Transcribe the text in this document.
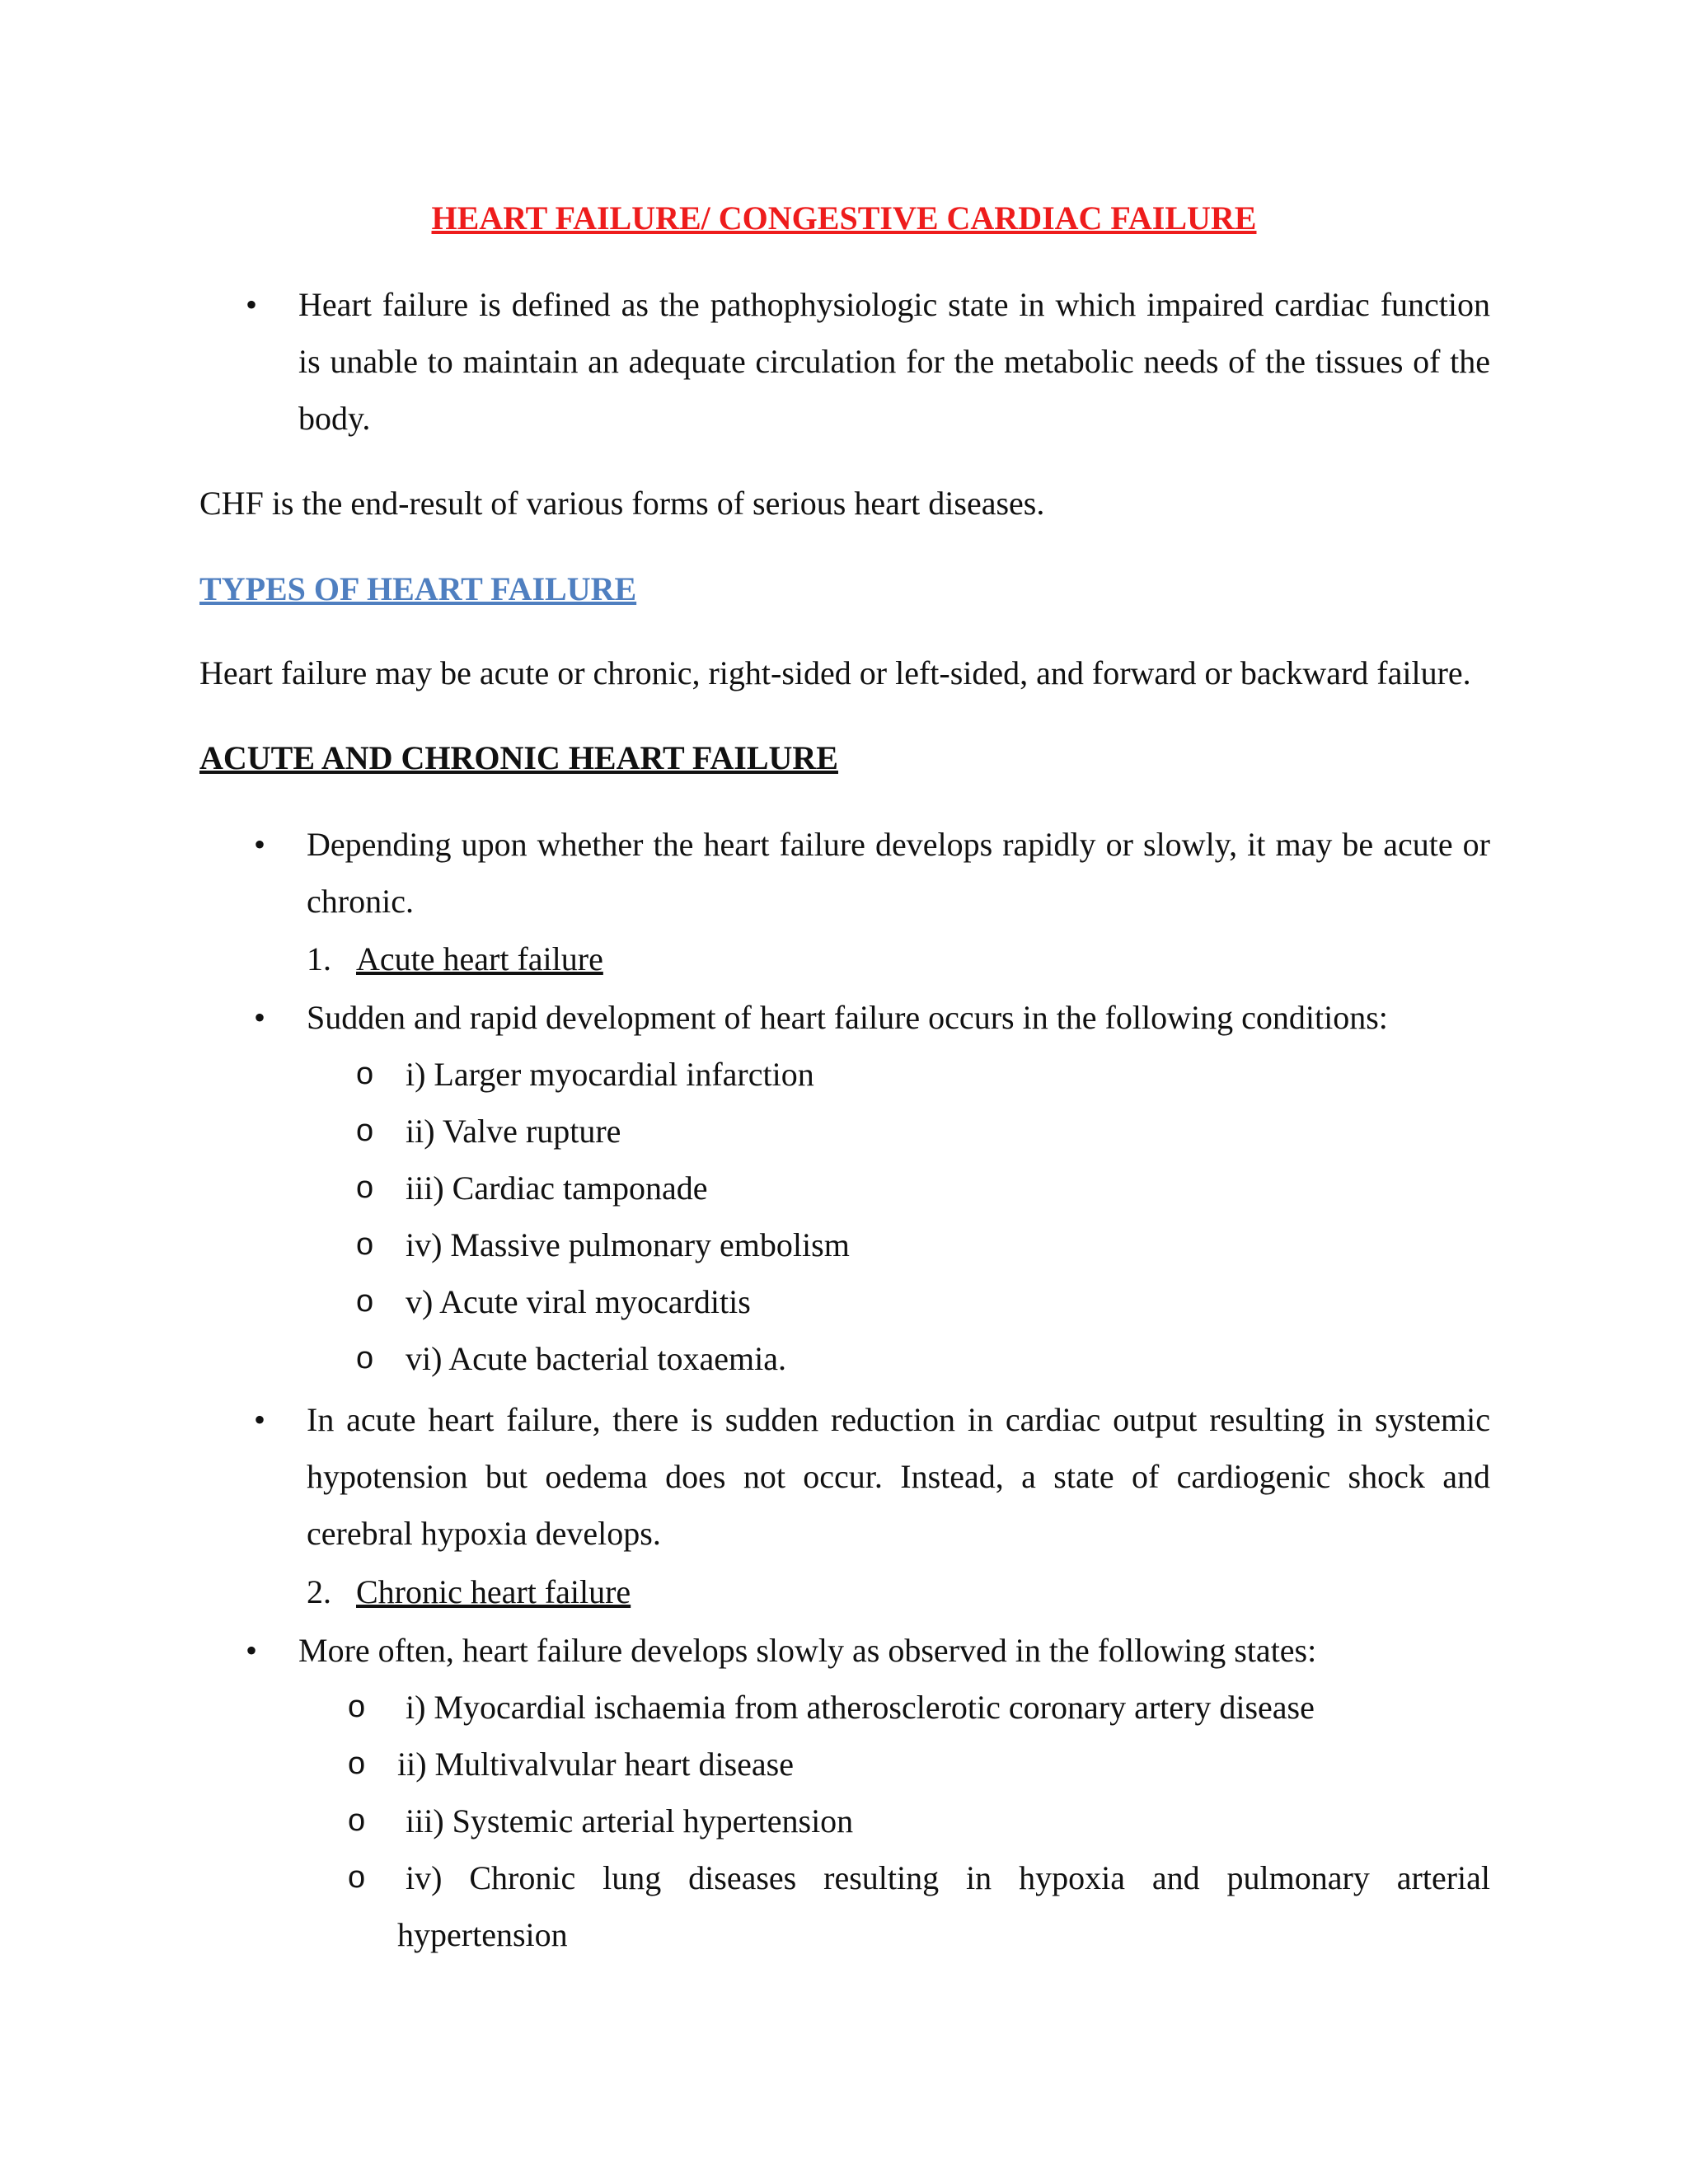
HEART FAILURE/ CONGESTIVE CARDIAC FAILURE

• Heart failure is defined as the pathophysiologic state in which impaired cardiac function is unable to maintain an adequate circulation for the metabolic needs of the tissues of the body.

CHF is the end-result of various forms of serious heart diseases.

TYPES OF HEART FAILURE

Heart failure may be acute or chronic, right-sided or left-sided, and forward or backward failure.

ACUTE AND CHRONIC HEART FAILURE

• Depending upon whether the heart failure develops rapidly or slowly, it may be acute or chronic.

1. Acute heart failure
• Sudden and rapid development of heart failure occurs in the following conditions:

o i) Larger myocardial infarction

o ii) Valve rupture

o iii) Cardiac tamponade

o iv) Massive pulmonary embolism

o v) Acute viral myocarditis

o vi) Acute bacterial toxaemia.

• In acute heart failure, there is sudden reduction in cardiac output resulting in systemic hypotension but oedema does not occur. Instead, a state of cardiogenic shock and cerebral hypoxia develops.

2. Chronic heart failure
• More often, heart failure develops slowly as observed in the following states:

o i) Myocardial ischaemia from atherosclerotic coronary artery disease

o ii) Multivalvular heart disease

o iii) Systemic arterial hypertension

o iv) Chronic lung diseases resulting in hypoxia and pulmonary arterial hypertension
